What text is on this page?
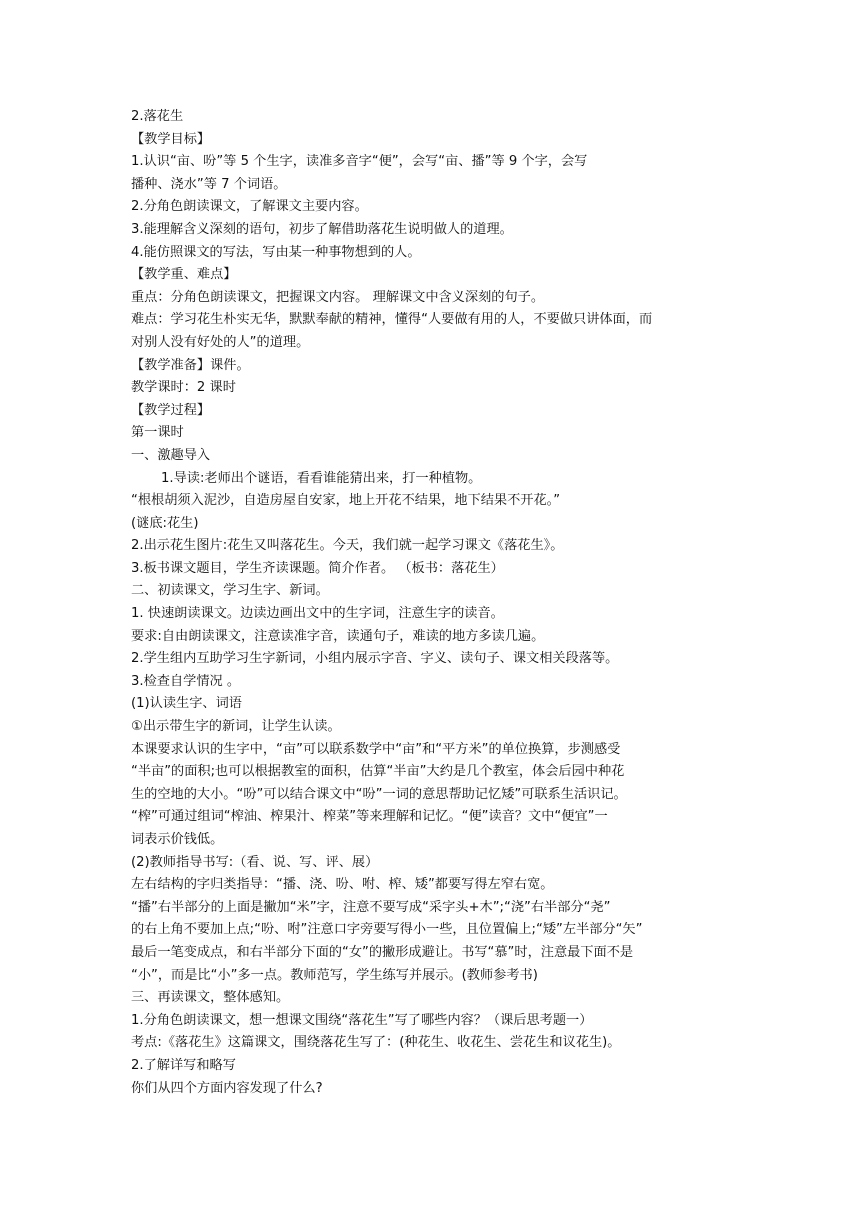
2.落花生
【教学目标】
1.认识“亩、吩”等 5 个生字，读准多音字“便”，会写“亩、播”等 9 个字，会写
播种、浇水”等 7 个词语。
2.分角色朗读课文，了解课文主要内容。
3.能理解含义深刻的语句，初步了解借助落花生说明做人的道理。
4.能仿照课文的写法，写由某一种事物想到的人。
【教学重、难点】
重点：分角色朗读课文，把握课文内容。 理解课文中含义深刻的句子。
难点：学习花生朴实无华，默默奉献的精神，懂得“人要做有用的人，不要做只讲体面，而
对别人没有好处的人”的道理。
【教学准备】课件。
教学课时：2 课时
【教学过程】
第一课时
一、激趣导入
1.导读:老师出个谜语，看看谁能猜出来，打一种植物。
“根根胡须入泥沙，自造房屋自安家，地上开花不结果，地下结果不开花。”
(谜底:花生)
2.出示花生图片:花生又叫落花生。今天，我们就一起学习课文《落花生》。
3.板书课文题目，学生齐读课题。简介作者。 （板书：落花生）
二、初读课文，学习生字、新词。
1. 快速朗读课文。边读边画出文中的生字词，注意生字的读音。
要求:自由朗读课文，注意读准字音，读通句子，难读的地方多读几遍。
2.学生组内互助学习生字新词，小组内展示字音、字义、读句子、课文相关段落等。
3.检查自学情况 。
(1)认读生字、词语
①出示带生字的新词，让学生认读。
本课要求认识的生字中，“亩”可以联系数学中“亩”和“平方米”的单位换算，步测感受
“半亩”的面积;也可以根据教室的面积，估算“半亩”大约是几个教室，体会后园中种花
生的空地的大小。“吩”可以结合课文中“吩”一词的意思帮助记忆矮”可联系生活识记。
“榨”可通过组词“榨油、榨果汁、榨菜”等来理解和记忆。“便”读音？文中“便宜”一
词表示价钱低。
(2)教师指导书写:（看、说、写、评、展）
左右结构的字归类指导：“播、浇、吩、咐、榨、矮”都要写得左窄右宽。
“播”右半部分的上面是撇加“米”字，注意不要写成“采字头+木”;“浇”右半部分“尧”
的右上角不要加上点;“吩、咐”注意口字旁要写得小一些，且位置偏上;“矮”左半部分“矢”
最后一笔变成点，和右半部分下面的“女”的撇形成避让。书写“慕”时，注意最下面不是
“小”，而是比“小”多一点。教师范写，学生练写并展示。(教师参考书)
三、再读课文，整体感知。
1.分角色朗读课文，想一想课文围绕“落花生”写了哪些内容？（课后思考题一）
考点:《落花生》这篇课文，围绕落花生写了：(种花生、收花生、尝花生和议花生)。
2.了解详写和略写
你们从四个方面内容发现了什么?
